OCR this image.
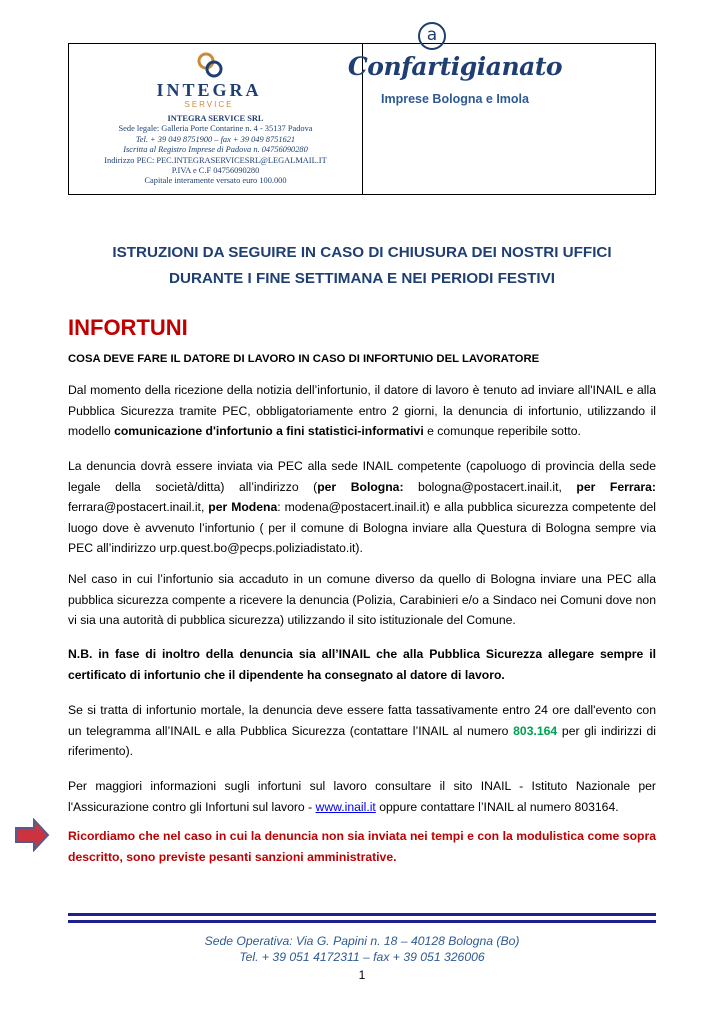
INTEGRA
SERVICE
INTEGRA SERVICE SRL
Sede legale: Galleria Porte Contarine n. 4 - 35137 Padova
Tel. + 39 049 8751900 – fax + 39 049 8751621
Iscritta al Registro Imprese di Padova n. 04756090280
Indirizzo PEC: PEC.INTEGRASERVICESRL@LEGALMAIL.IT
P.IVA e C.F 04756090280
Capitale interamente versato euro 100.000
a
Confartigianato
Imprese Bologna e Imola
ISTRUZIONI DA SEGUIRE IN CASO DI CHIUSURA DEI NOSTRI UFFICI
DURANTE I FINE SETTIMANA E NEI PERIODI FESTIVI
INFORTUNI
COSA DEVE FARE IL DATORE DI LAVORO IN CASO DI INFORTUNIO DEL LAVORATORE
Dal momento della ricezione della notizia dell’infortunio, il datore di lavoro è tenuto ad inviare all'INAIL e alla Pubblica Sicurezza tramite PEC, obbligatoriamente entro 2 giorni, la denuncia di infortunio, utilizzando il modello comunicazione d'infortunio a fini statistici-informativi e comunque reperibile sotto.
La denuncia dovrà essere inviata via PEC alla sede INAIL competente (capoluogo di provincia della sede legale della società/ditta) all’indirizzo (per Bologna: bologna@postacert.inail.it, per Ferrara: ferrara@postacert.inail.it, per Modena: modena@postacert.inail.it) e alla pubblica sicurezza competente del luogo dove è avvenuto l’infortunio ( per il comune di Bologna inviare alla Questura di Bologna sempre via PEC all’indirizzo urp.quest.bo@pecps.poliziadistato.it).
Nel caso in cui l’infortunio sia accaduto in un comune diverso da quello di Bologna inviare una PEC alla pubblica sicurezza compente a ricevere la denuncia (Polizia, Carabinieri e/o a Sindaco nei Comuni dove non vi sia una autorità di pubblica sicurezza) utilizzando il sito istituzionale del Comune.
N.B. in fase di inoltro della denuncia sia all’INAIL che alla Pubblica Sicurezza allegare sempre il certificato di infortunio che il dipendente ha consegnato al datore di lavoro.
Se si tratta di infortunio mortale, la denuncia deve essere fatta tassativamente entro 24 ore dall'evento con un telegramma all’INAIL e alla Pubblica Sicurezza (contattare l’INAIL al numero 803.164 per gli indirizzi di riferimento).
Per maggiori informazioni sugli infortuni sul lavoro consultare il sito INAIL - Istituto Nazionale per l'Assicurazione contro gli Infortuni sul lavoro - www.inail.it oppure contattare l’INAIL al numero 803164.
Ricordiamo che nel caso in cui la denuncia non sia inviata nei tempi e con la modulistica come sopra descritto, sono previste pesanti sanzioni amministrative.
Sede Operativa: Via G. Papini n. 18 – 40128 Bologna (Bo)
Tel. + 39 051 4172311 – fax + 39 051 326006
1
